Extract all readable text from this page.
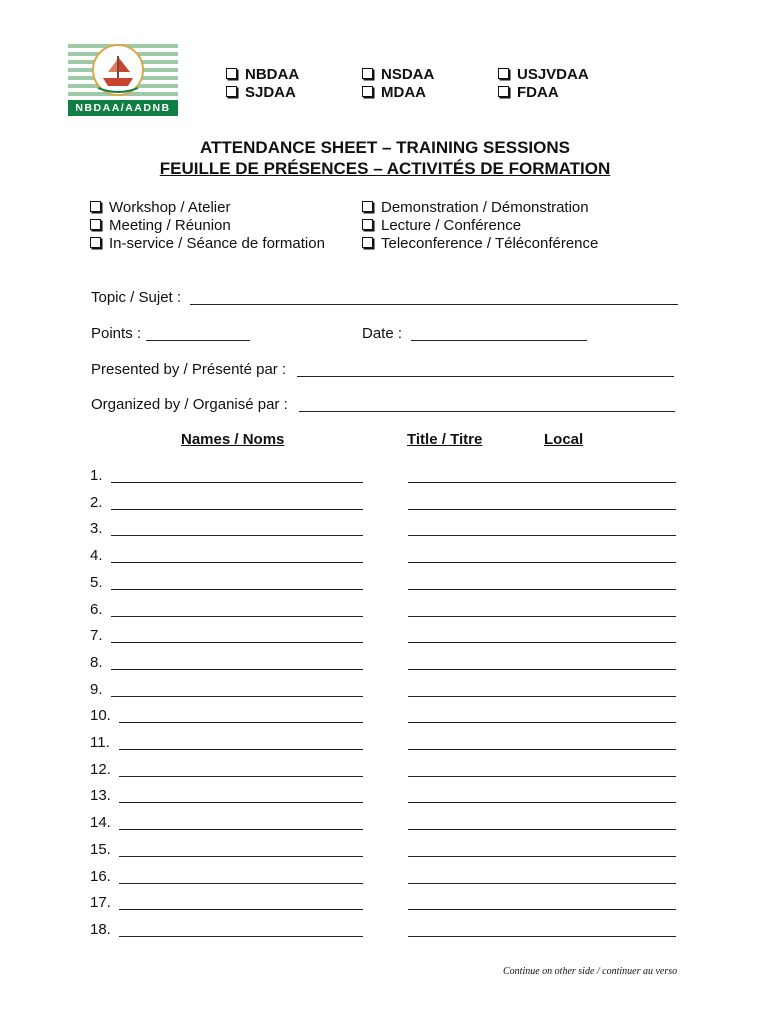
NBDAA/AADNB
NBDAA
SJDAA
NSDAA
MDAA
USJVDAA
FDAA
ATTENDANCE SHEET – TRAINING SESSIONS
FEUILLE DE PRÉSENCES – ACTIVITÉS DE FORMATION
Workshop / Atelier
Meeting / Réunion
In-service / Séance de formation
Demonstration / Démonstration
Lecture / Conférence
Teleconference / Téléconférence
Topic / Sujet :
Points :	Date :
Presented by / Présenté par :
Organized by / Organisé par :
Names / Noms	Title / Titre	Local
1.
2.
3.
4.
5.
6.
7.
8.
9.
10.
11.
12.
13.
14.
15.
16.
17.
18.
Continue on other side / continuer au verso
